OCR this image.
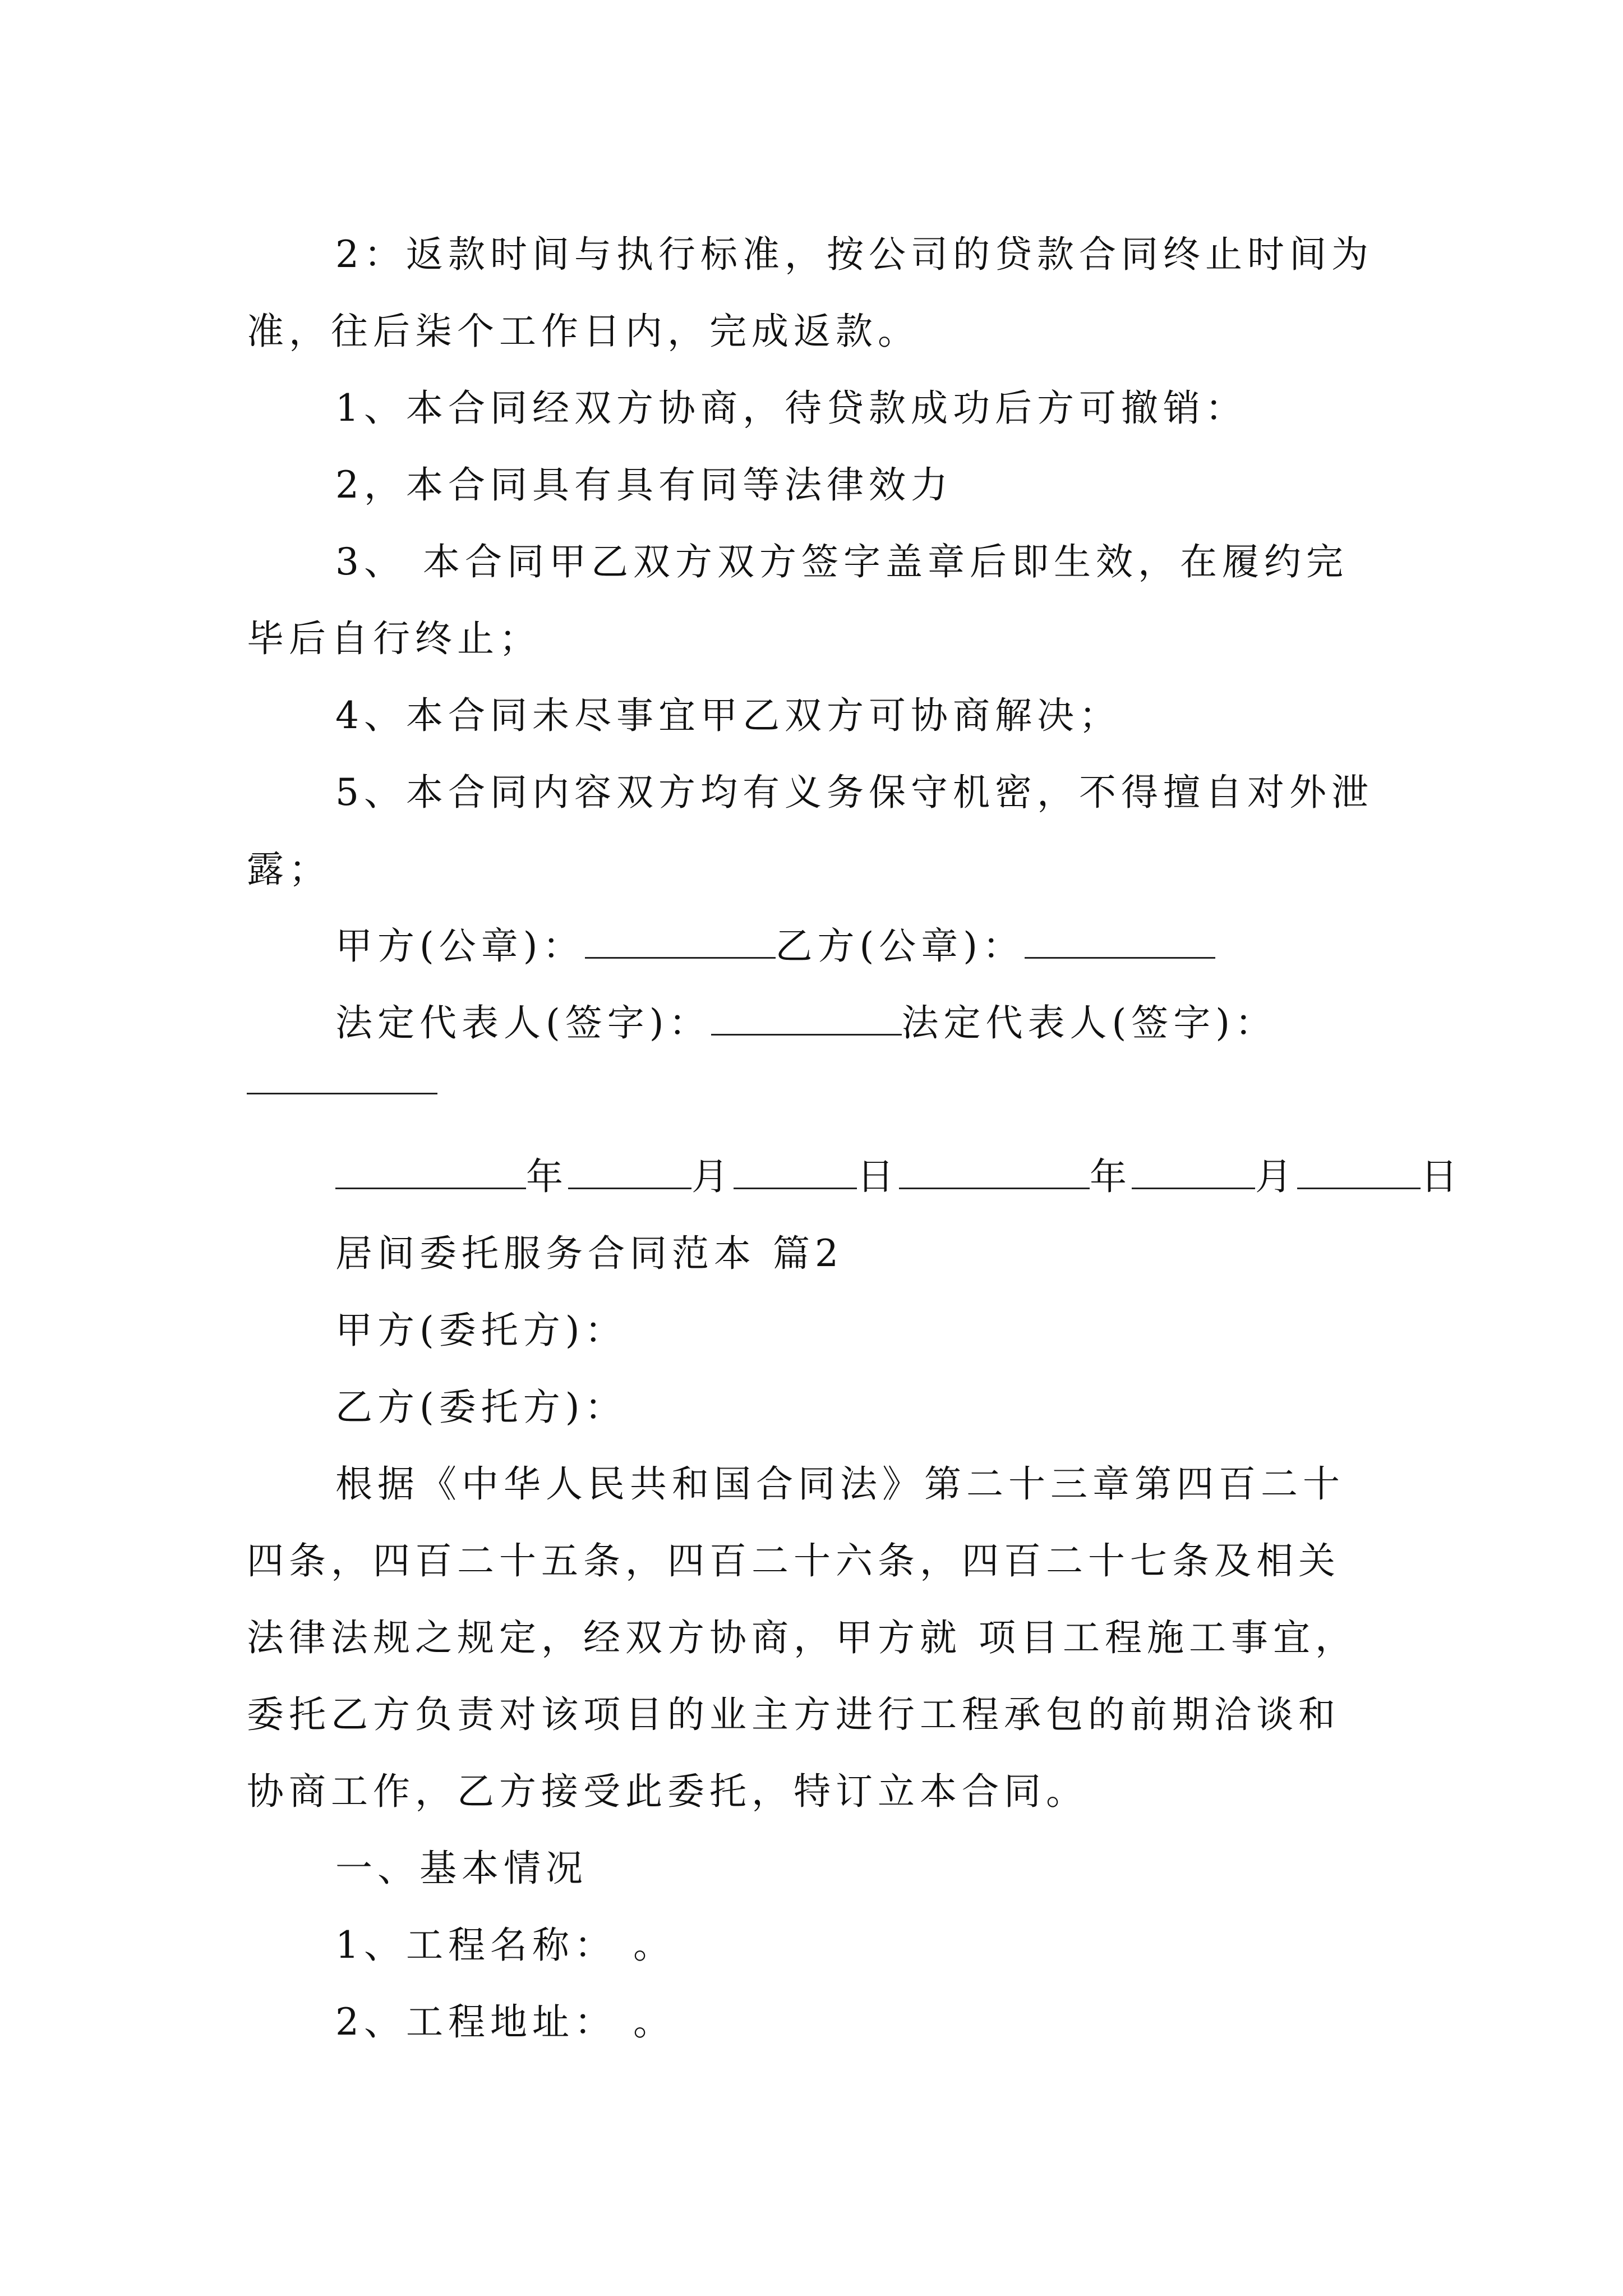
2：返款时间与执行标准，按公司的贷款合同终止时间为准，往后柒个工作日内，完成返款。

1、本合同经双方协商，待贷款成功后方可撤销：

2，本合同具有具有同等法律效力

3、 本合同甲乙双方双方签字盖章后即生效，在履约完毕后自行终止；

4、本合同未尽事宜甲乙双方可协商解决；

5、本合同内容双方均有义务保守机密，不得擅自对外泄露；

甲方(公章)：	乙方(公章)：

法定代表人(签字)：	法定代表人(签字)：

年	月	日	年	月	日

居间委托服务合同范本 篇2

甲方(委托方)：

乙方(委托方)：

根据《中华人民共和国合同法》第二十三章第四百二十四条，四百二十五条，四百二十六条，四百二十七条及相关法律法规之规定，经双方协商，甲方就 项目工程施工事宜，委托乙方负责对该项目的业主方进行工程承包的前期洽谈和协商工作，乙方接受此委托，特订立本合同。

一、基本情况

1、工程名称： 。

2、工程地址： 。
